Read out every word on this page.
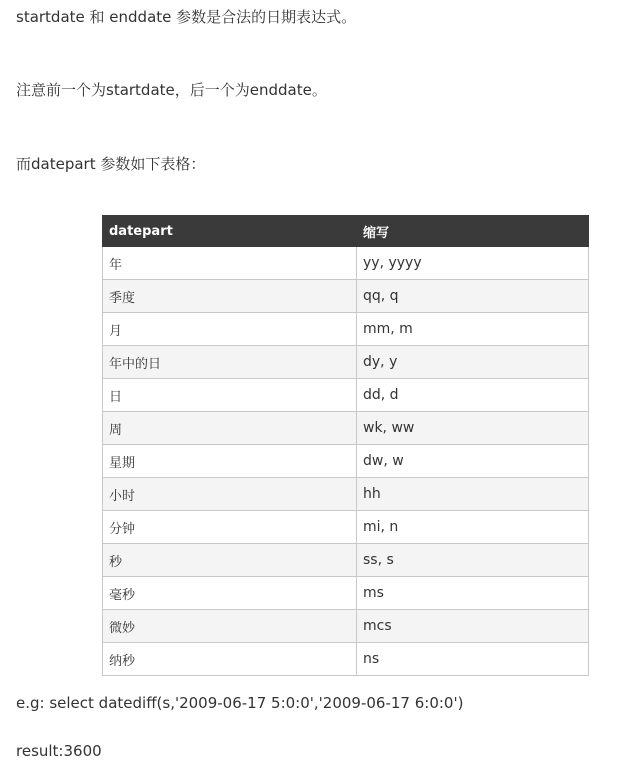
startdate 和 enddate 参数是合法的日期表达式。

注意前一个为startdate，后一个为enddate。

而datepart 参数如下表格：

datepart	缩写
年	yy, yyyy
季度	qq, q
月	mm, m
年中的日	dy, y
日	dd, d
周	wk, ww
星期	dw, w
小时	hh
分钟	mi, n
秒	ss, s
毫秒	ms
微妙	mcs
纳秒	ns

e.g: select datediff(s,'2009-06-17 5:0:0','2009-06-17 6:0:0')

result:3600
